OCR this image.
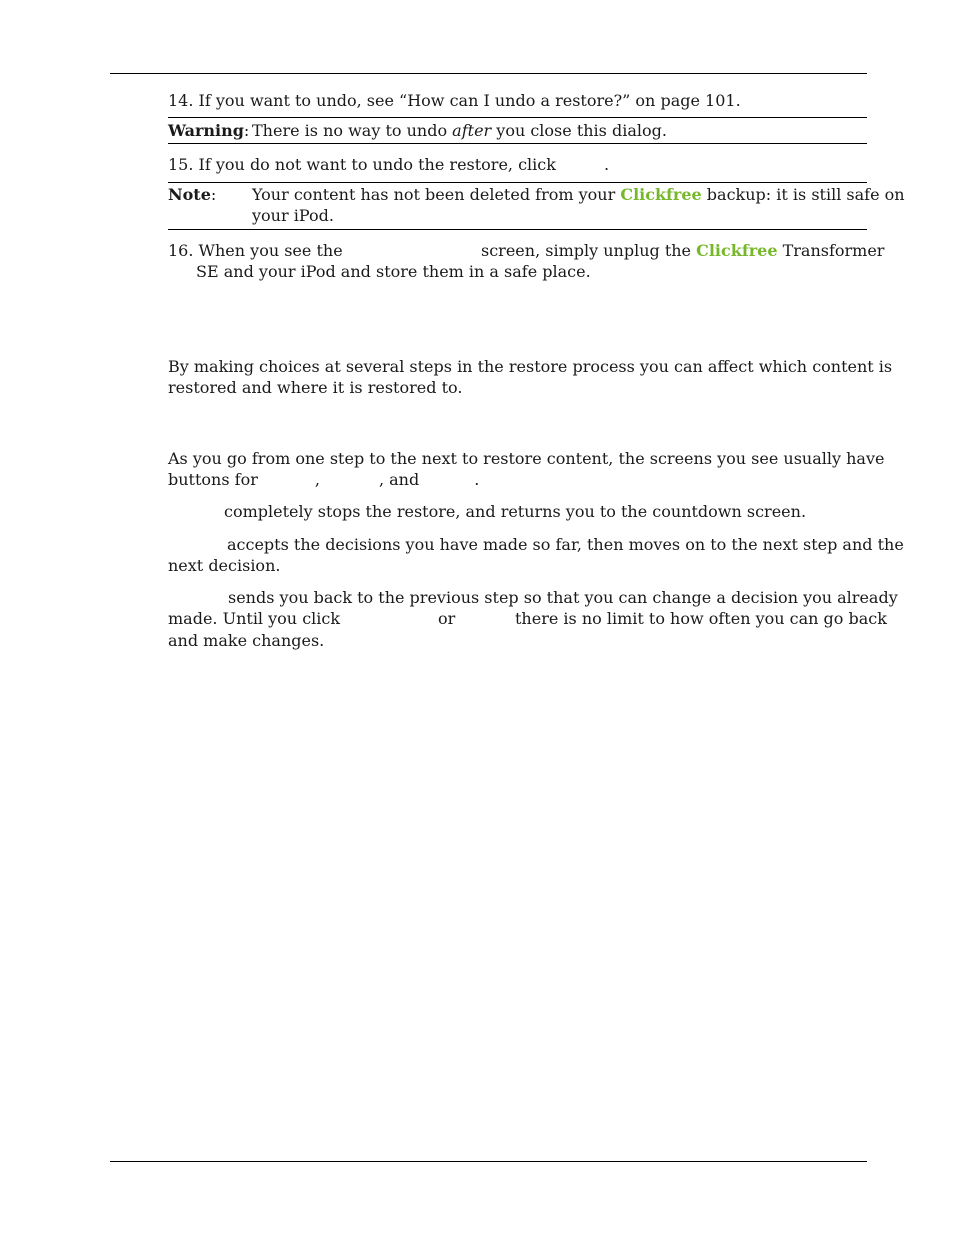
14. If you want to undo, see “How can I undo a restore?” on page 101.
Warning: There is no way to undo after you close this dialog.
15. If you do not want to undo the restore, click	.
Note: Your content has not been deleted from your Clickfree backup: it is still safe on
your iPod.
16. When you see the	screen, simply unplug the Clickfree Transformer
SE and your iPod and store them in a safe place.
By making choices at several steps in the restore process you can affect which content is
restored and where it is restored to.
As you go from one step to the next to restore content, the screens you see usually have
buttons for	,	, and	.
completely stops the restore, and returns you to the countdown screen.
accepts the decisions you have made so far, then moves on to the next step and the
next decision.
sends you back to the previous step so that you can change a decision you already
made. Until you click	or	there is no limit to how often you can go back
and make changes.
